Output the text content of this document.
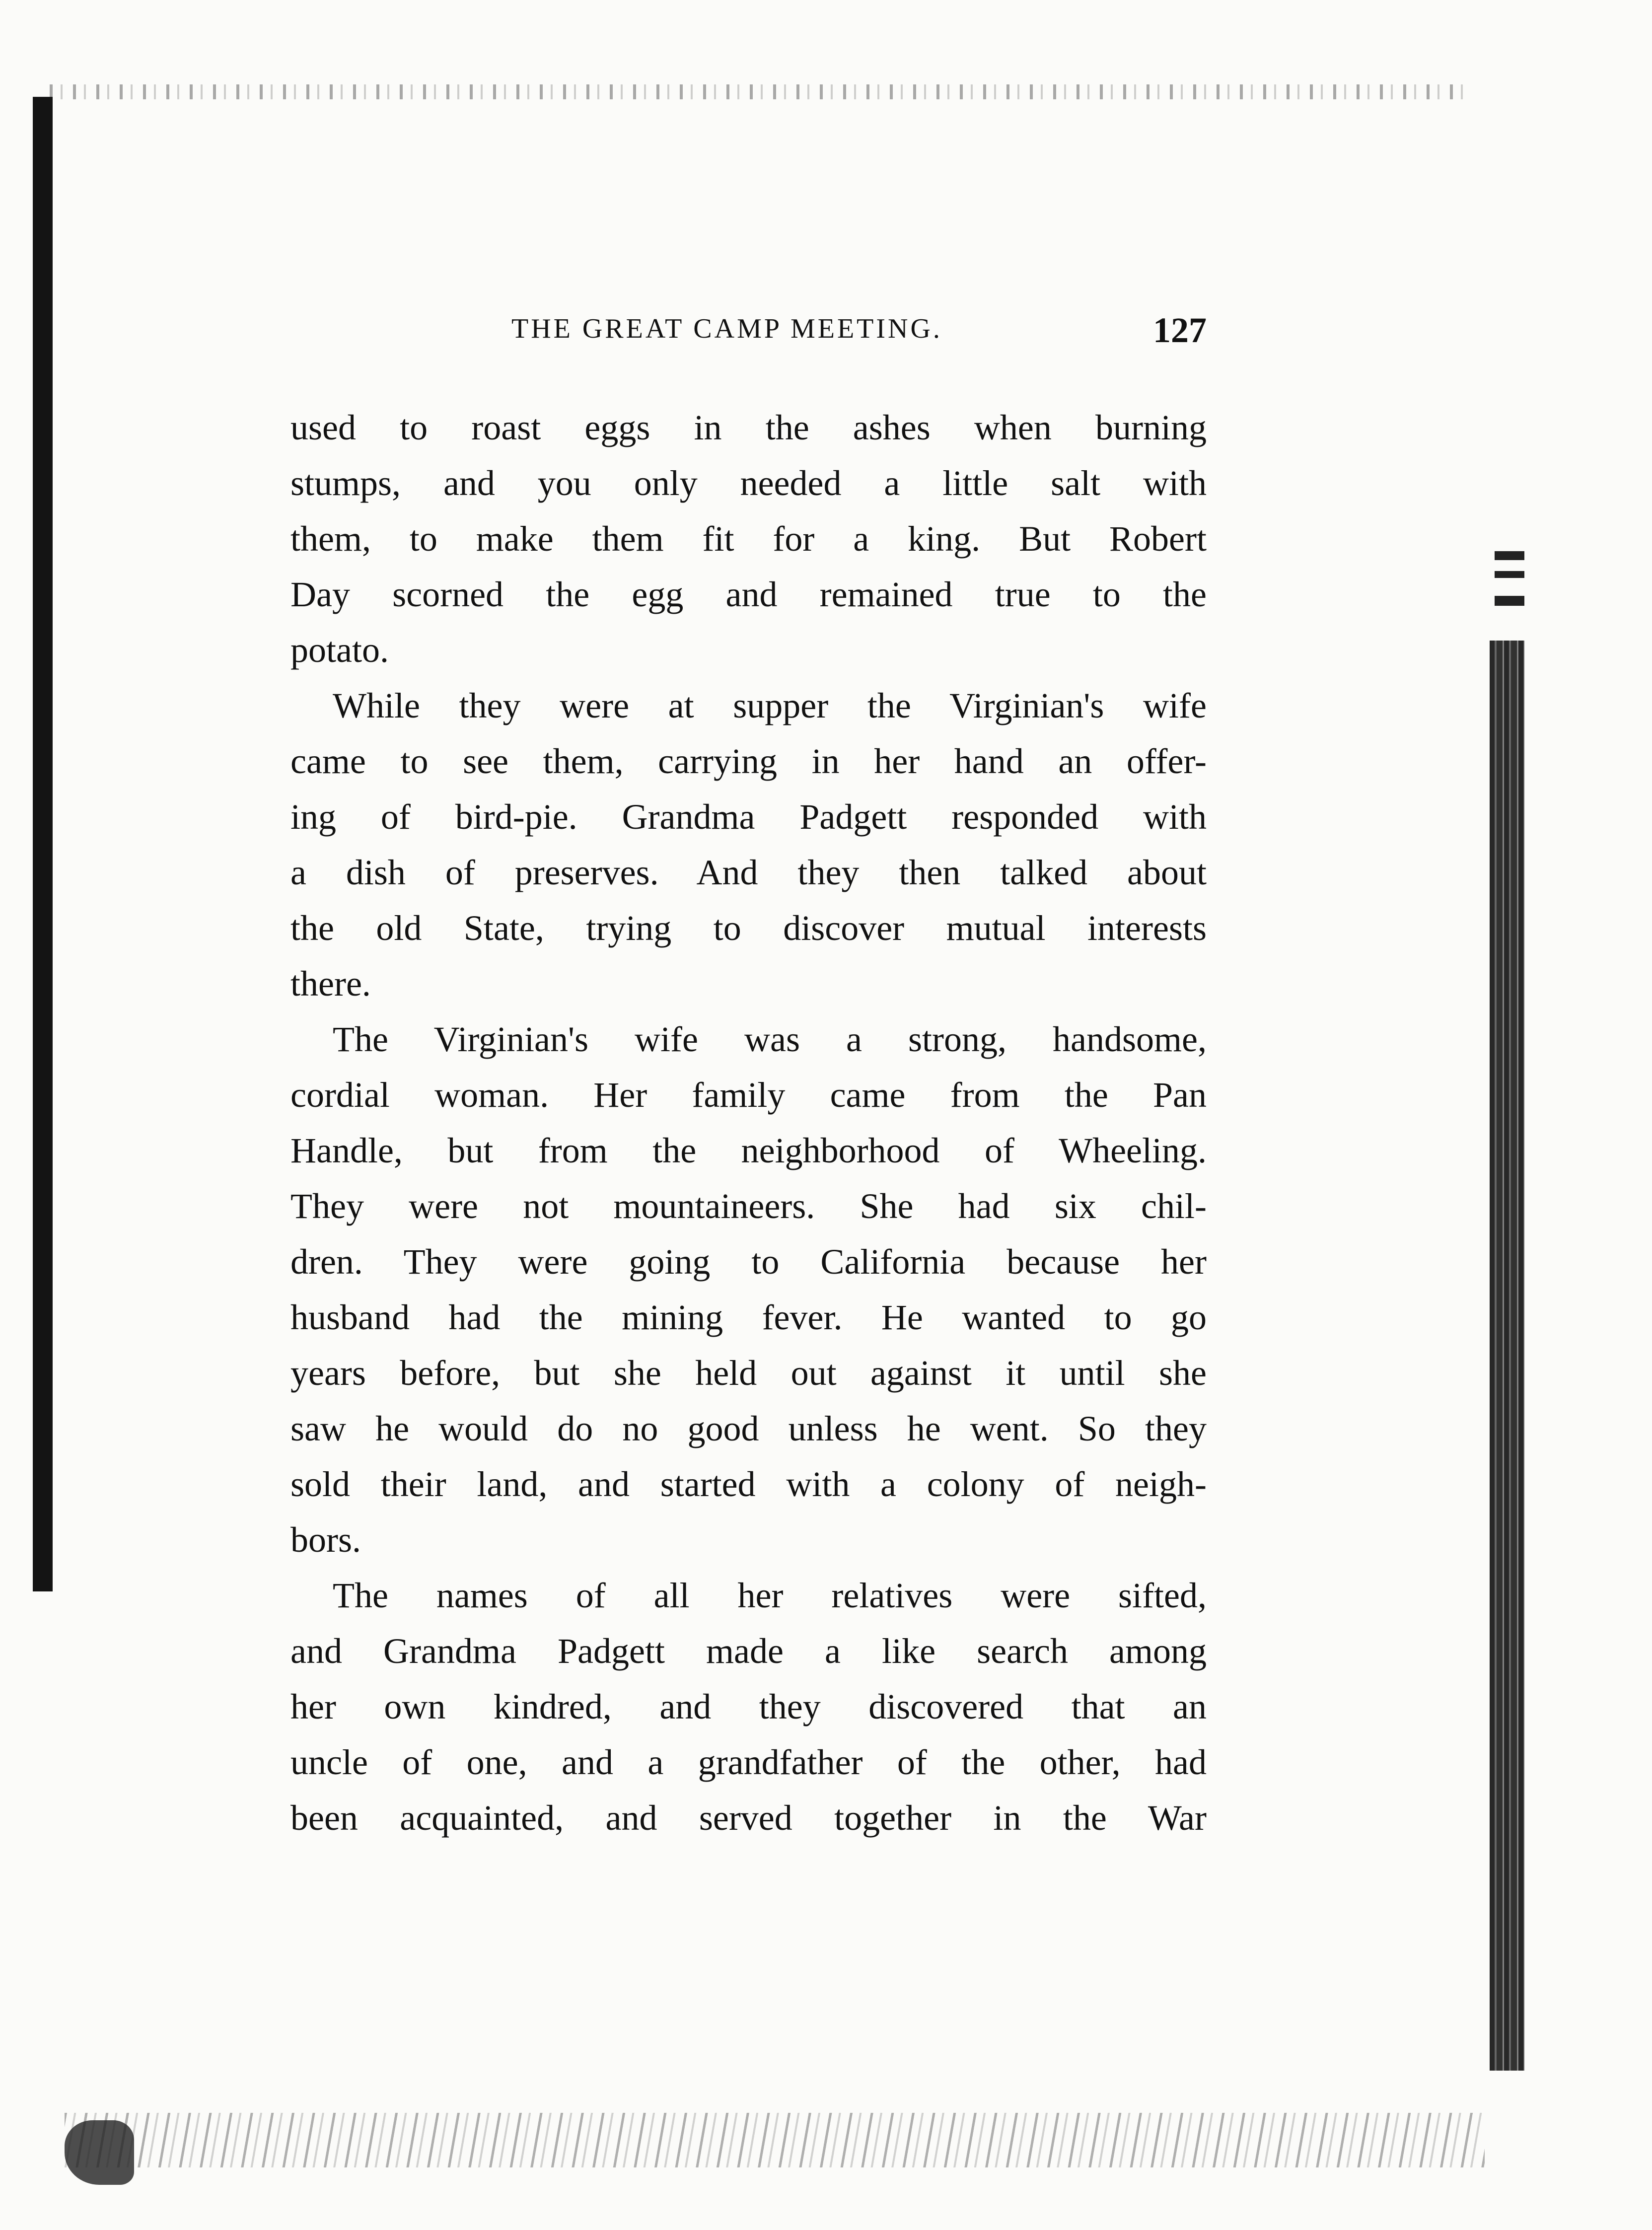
THE GREAT CAMP MEETING.	127
used to roast eggs in the ashes when burning
stumps, and you only needed a little salt with
them, to make them fit for a king. But Robert
Day scorned the egg and remained true to the
potato.
While they were at supper the Virginian's wife
came to see them, carrying in her hand an offer-
ing of bird-pie. Grandma Padgett responded with
a dish of preserves. And they then talked about
the old State, trying to discover mutual interests
there.
The Virginian's wife was a strong, handsome,
cordial woman. Her family came from the Pan
Handle, but from the neighborhood of Wheeling.
They were not mountaineers. She had six chil-
dren. They were going to California because her
husband had the mining fever. He wanted to go
years before, but she held out against it until she
saw he would do no good unless he went. So they
sold their land, and started with a colony of neigh-
bors.
The names of all her relatives were sifted,
and Grandma Padgett made a like search among
her own kindred, and they discovered that an
uncle of one, and a grandfather of the other, had
been acquainted, and served together in the War
